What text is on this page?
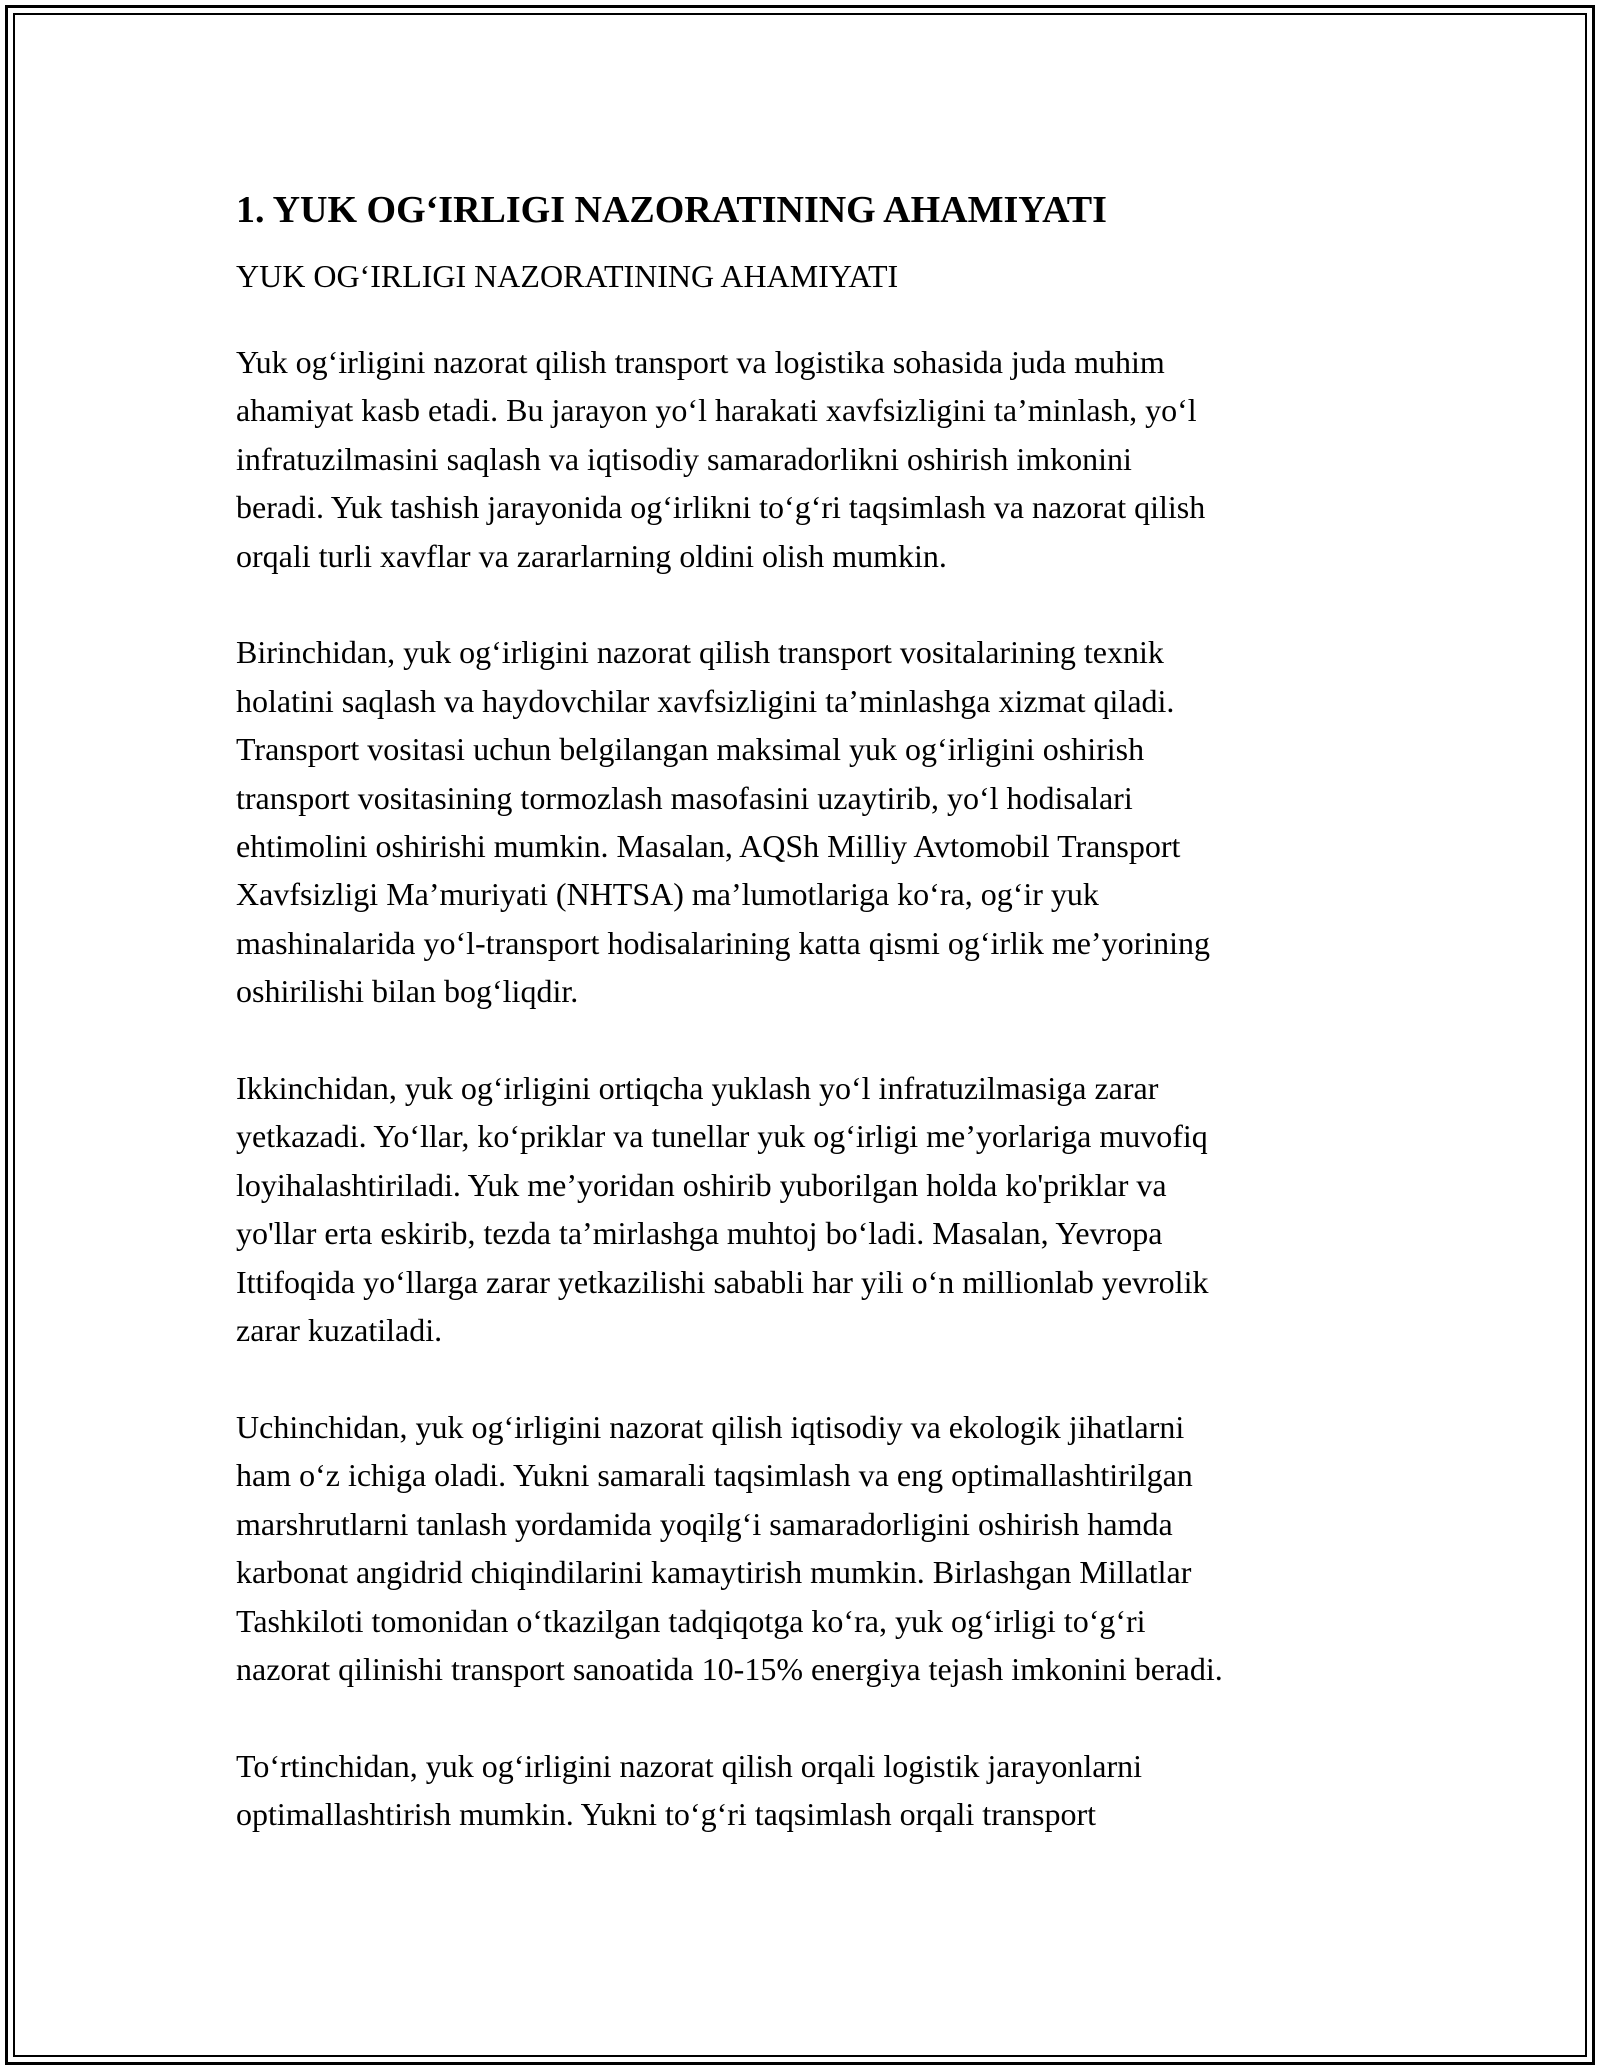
1. YUK OG‘IRLIGI NAZORATINING AHAMIYATI
YUK OG‘IRLIGI NAZORATINING AHAMIYATI

Yuk og‘irligini nazorat qilish transport va logistika sohasida juda muhim
ahamiyat kasb etadi. Bu jarayon yo‘l harakati xavfsizligini ta’minlash, yo‘l
infratuzilmasini saqlash va iqtisodiy samaradorlikni oshirish imkonini
beradi. Yuk tashish jarayonida og‘irlikni to‘g‘ri taqsimlash va nazorat qilish
orqali turli xavflar va zararlarning oldini olish mumkin.

Birinchidan, yuk og‘irligini nazorat qilish transport vositalarining texnik
holatini saqlash va haydovchilar xavfsizligini ta’minlashga xizmat qiladi.
Transport vositasi uchun belgilangan maksimal yuk og‘irligini oshirish
transport vositasining tormozlash masofasini uzaytirib, yo‘l hodisalari
ehtimolini oshirishi mumkin. Masalan, AQSh Milliy Avtomobil Transport
Xavfsizligi Ma’muriyati (NHTSA) ma’lumotlariga ko‘ra, og‘ir yuk
mashinalarida yo‘l-transport hodisalarining katta qismi og‘irlik me’yorining
oshirilishi bilan bog‘liqdir.

Ikkinchidan, yuk og‘irligini ortiqcha yuklash yo‘l infratuzilmasiga zarar
yetkazadi. Yo‘llar, ko‘priklar va tunellar yuk og‘irligi me’yorlariga muvofiq
loyihalashtiriladi. Yuk me’yoridan oshirib yuborilgan holda ko'priklar va
yo'llar erta eskirib, tezda ta’mirlashga muhtoj bo‘ladi. Masalan, Yevropa
Ittifoqida yo‘llarga zarar yetkazilishi sababli har yili o‘n millionlab yevrolik
zarar kuzatiladi.

Uchinchidan, yuk og‘irligini nazorat qilish iqtisodiy va ekologik jihatlarni
ham o‘z ichiga oladi. Yukni samarali taqsimlash va eng optimallashtirilgan
marshrutlarni tanlash yordamida yoqilg‘i samaradorligini oshirish hamda
karbonat angidrid chiqindilarini kamaytirish mumkin. Birlashgan Millatlar
Tashkiloti tomonidan o‘tkazilgan tadqiqotga ko‘ra, yuk og‘irligi to‘g‘ri
nazorat qilinishi transport sanoatida 10-15% energiya tejash imkonini beradi.

To‘rtinchidan, yuk og‘irligini nazorat qilish orqali logistik jarayonlarni
optimallashtirish mumkin. Yukni to‘g‘ri taqsimlash orqali transport
